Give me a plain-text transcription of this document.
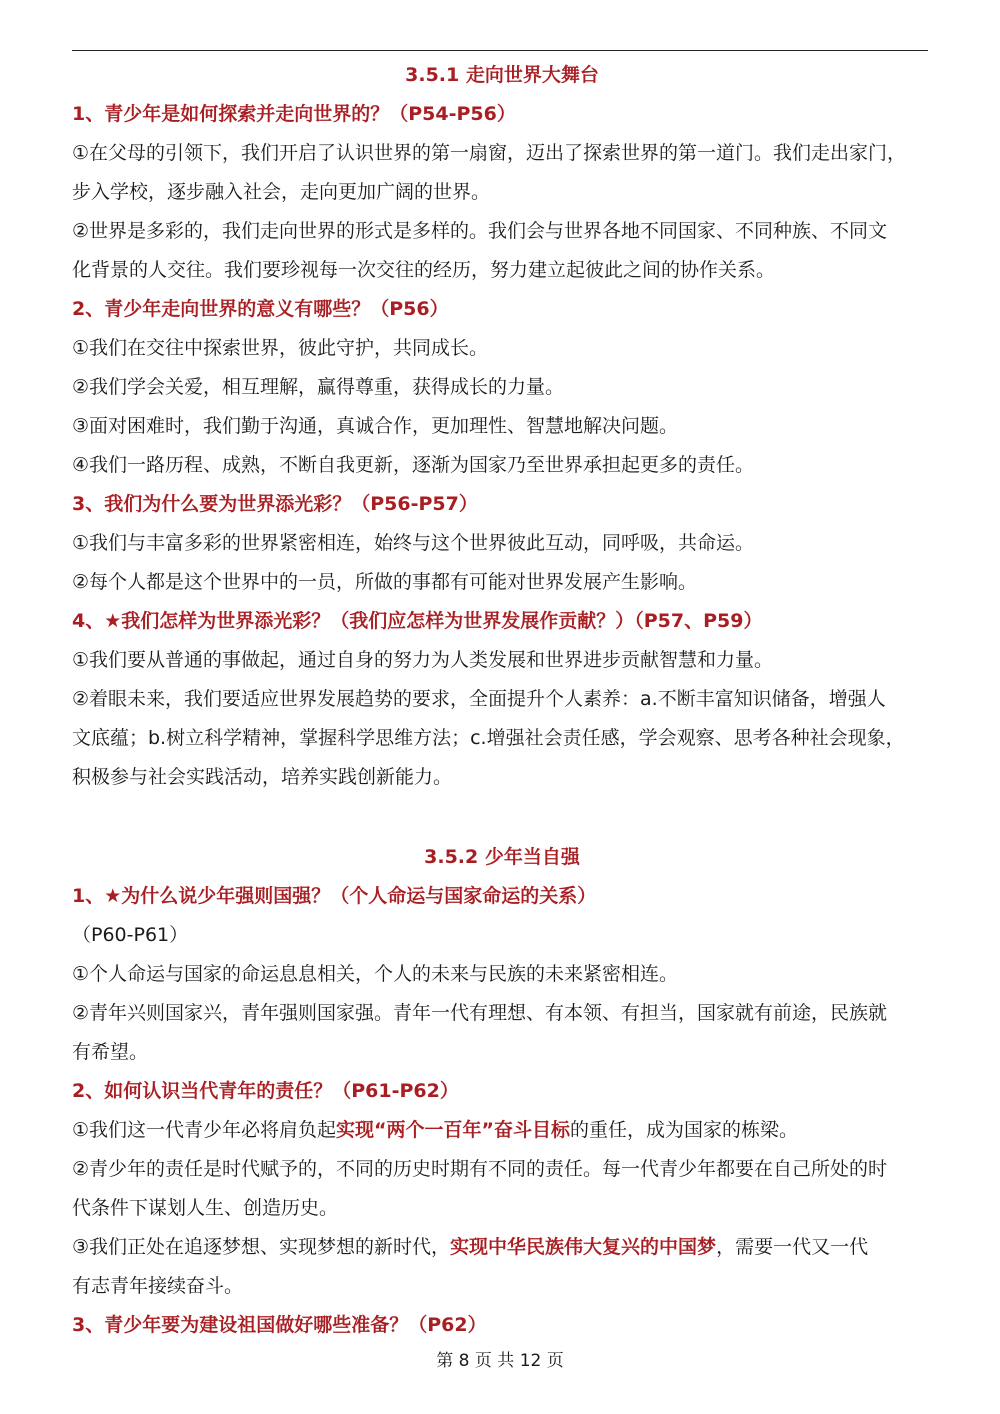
3.5.1 走向世界大舞台
1、青少年是如何探索并走向世界的？（P54-P56）
①在父母的引领下，我们开启了认识世界的第一扇窗，迈出了探索世界的第一道门。我们走出家门，
步入学校，逐步融入社会，走向更加广阔的世界。
②世界是多彩的，我们走向世界的形式是多样的。我们会与世界各地不同国家、不同种族、不同文
化背景的人交往。我们要珍视每一次交往的经历，努力建立起彼此之间的协作关系。
2、青少年走向世界的意义有哪些？（P56）
①我们在交往中探索世界，彼此守护，共同成长。
②我们学会关爱，相互理解，赢得尊重，获得成长的力量。
③面对困难时，我们勤于沟通，真诚合作，更加理性、智慧地解决问题。
④我们一路历程、成熟，不断自我更新，逐渐为国家乃至世界承担起更多的责任。
3、我们为什么要为世界添光彩？（P56-P57）
①我们与丰富多彩的世界紧密相连，始终与这个世界彼此互动，同呼吸，共命运。
②每个人都是这个世界中的一员，所做的事都有可能对世界发展产生影响。
4、★我们怎样为世界添光彩？（我们应怎样为世界发展作贡献？）（P57、P59）
①我们要从普通的事做起，通过自身的努力为人类发展和世界进步贡献智慧和力量。
②着眼未来，我们要适应世界发展趋势的要求，全面提升个人素养：a.不断丰富知识储备，增强人
文底蕴；b.树立科学精神，掌握科学思维方法；c.增强社会责任感，学会观察、思考各种社会现象，
积极参与社会实践活动，培养实践创新能力。
3.5.2 少年当自强
1、★为什么说少年强则国强？（个人命运与国家命运的关系）
（P60-P61）
①个人命运与国家的命运息息相关，个人的未来与民族的未来紧密相连。
②青年兴则国家兴，青年强则国家强。青年一代有理想、有本领、有担当，国家就有前途，民族就
有希望。
2、如何认识当代青年的责任？（P61-P62）
①我们这一代青少年必将肩负起实现“两个一百年”奋斗目标的重任，成为国家的栋梁。
②青少年的责任是时代赋予的，不同的历史时期有不同的责任。每一代青少年都要在自己所处的时
代条件下谋划人生、创造历史。
③我们正处在追逐梦想、实现梦想的新时代，实现中华民族伟大复兴的中国梦，需要一代又一代
有志青年接续奋斗。
3、青少年要为建设祖国做好哪些准备？（P62）
第 8 页 共 12 页
